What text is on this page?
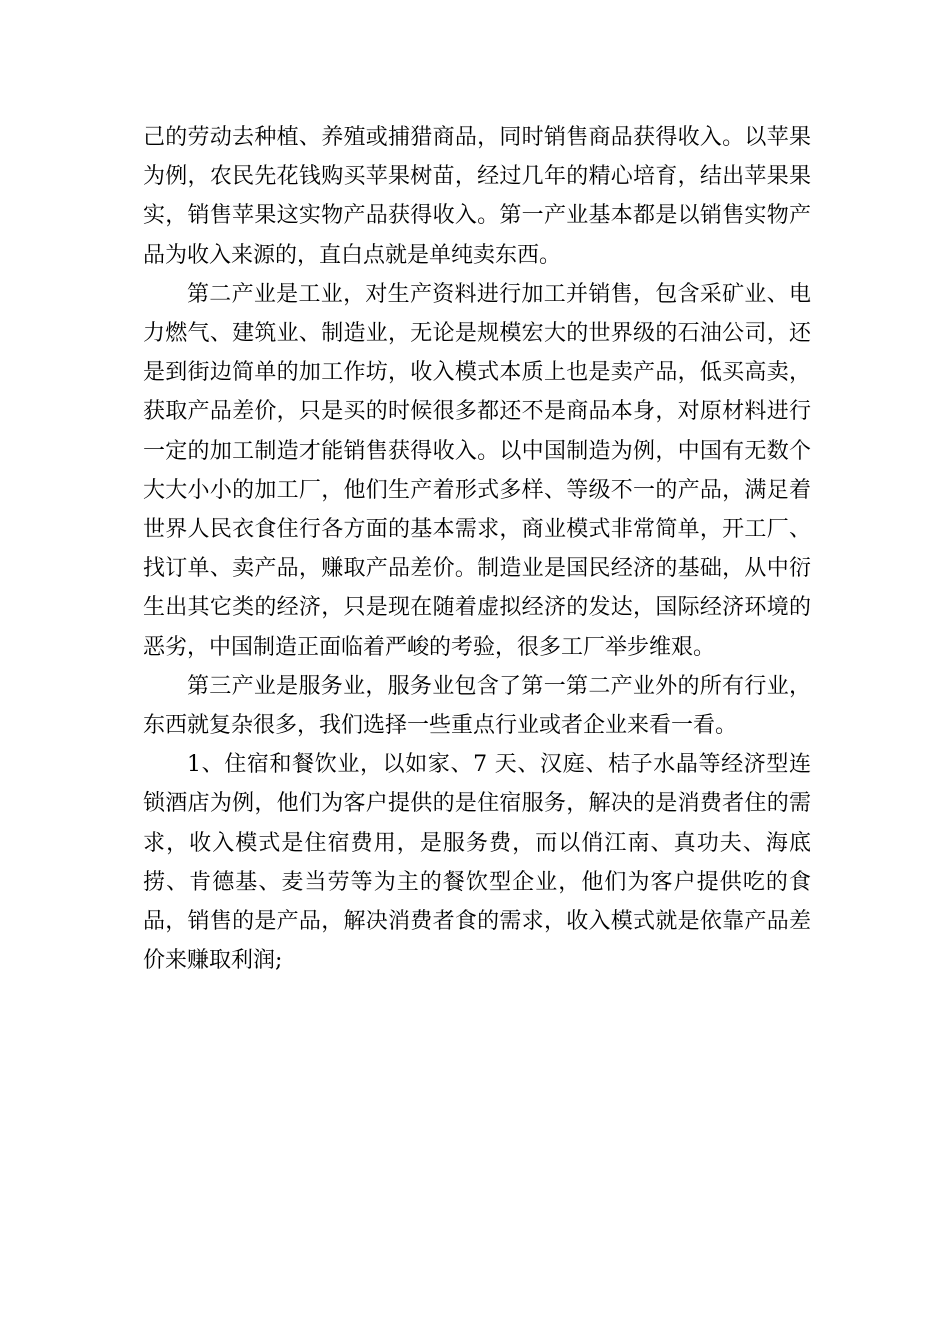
己的劳动去种植、养殖或捕猎商品，同时销售商品获得收入。以苹果为例，农民先花钱购买苹果树苗，经过几年的精心培育，结出苹果果实，销售苹果这实物产品获得收入。第一产业基本都是以销售实物产品为收入来源的，直白点就是单纯卖东西。

第二产业是工业，对生产资料进行加工并销售，包含采矿业、电力燃气、建筑业、制造业，无论是规模宏大的世界级的石油公司，还是到街边简单的加工作坊，收入模式本质上也是卖产品，低买高卖，获取产品差价，只是买的时候很多都还不是商品本身，对原材料进行一定的加工制造才能销售获得收入。以中国制造为例，中国有无数个大大小小的加工厂，他们生产着形式多样、等级不一的产品，满足着世界人民衣食住行各方面的基本需求，商业模式非常简单，开工厂、找订单、卖产品，赚取产品差价。制造业是国民经济的基础，从中衍生出其它类的经济，只是现在随着虚拟经济的发达，国际经济环境的恶劣，中国制造正面临着严峻的考验，很多工厂举步维艰。

第三产业是服务业，服务业包含了第一第二产业外的所有行业，东西就复杂很多，我们选择一些重点行业或者企业来看一看。

1、住宿和餐饮业，以如家、7 天、汉庭、桔子水晶等经济型连锁酒店为例，他们为客户提供的是住宿服务，解决的是消费者住的需求，收入模式是住宿费用，是服务费，而以俏江南、真功夫、海底捞、肯德基、麦当劳等为主的餐饮型企业，他们为客户提供吃的食品，销售的是产品，解决消费者食的需求，收入模式就是依靠产品差价来赚取利润;
